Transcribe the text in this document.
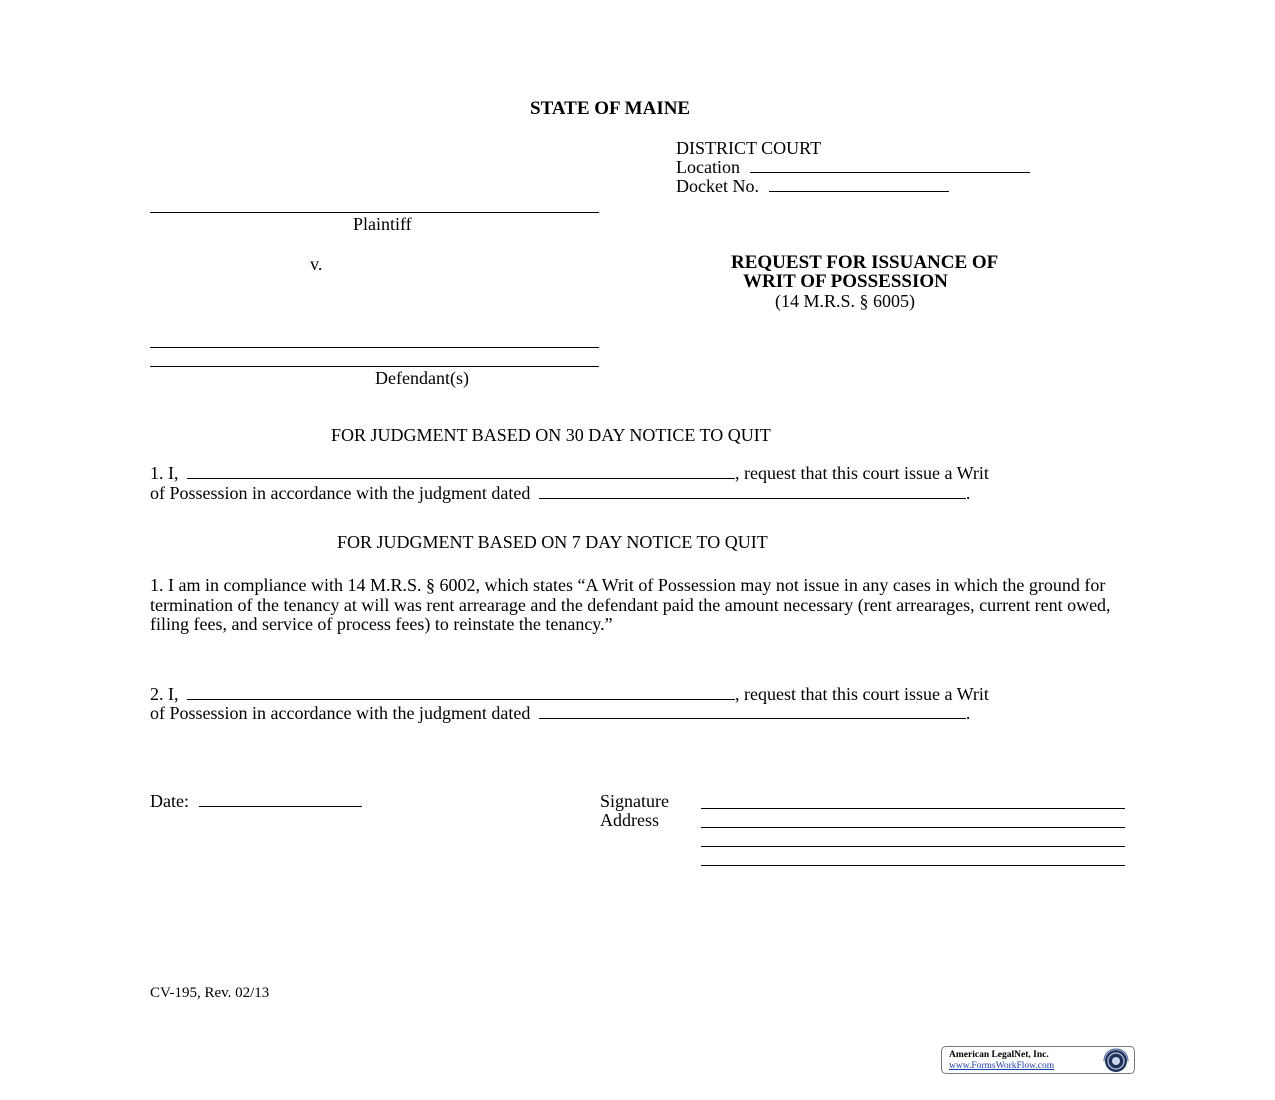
STATE OF MAINE
DISTRICT COURT
Location
Docket No.
Plaintiff
v.
Defendant(s)
REQUEST FOR ISSUANCE OF
WRIT OF POSSESSION
(14 M.R.S. § 6005)
FOR JUDGMENT BASED ON 30 DAY NOTICE TO QUIT
1. I,	, request that this court issue a Writ
of Possession in accordance with the judgment dated	.
FOR JUDGMENT BASED ON 7 DAY NOTICE TO QUIT
1. I am in compliance with 14 M.R.S. § 6002, which states “A Writ of Possession may not issue in any cases in which the ground for termination of the tenancy at will was rent arrearage and the defendant paid the amount necessary (rent arrearages, current rent owed, filing fees, and service of process fees) to reinstate the tenancy.”
2. I,	, request that this court issue a Writ
of Possession in accordance with the judgment dated	.
Date:	Signature
Address
CV-195, Rev. 02/13
American LegalNet, Inc.
www.FormsWorkFlow.com
